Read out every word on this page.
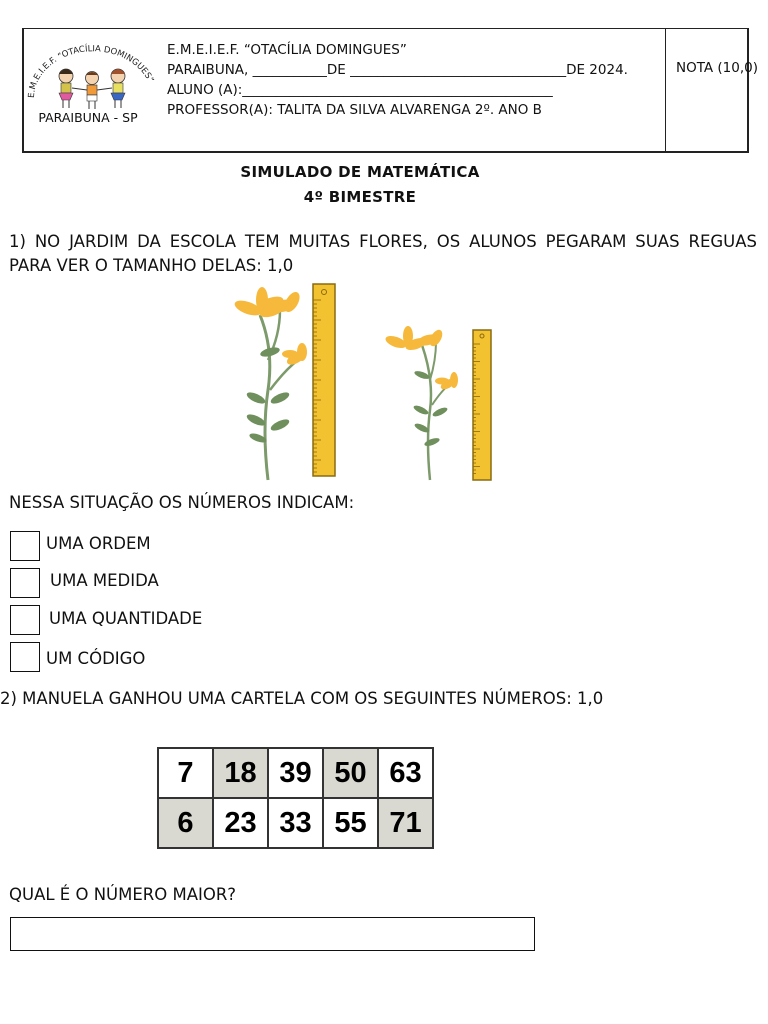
E.M.E.I.E.F. “OTACÍLIA DOMINGUES”
PARAIBUNA - SP
E.M.E.I.E.F. “OTACÍLIA DOMINGUES”
PARAIBUNA, ___________DE ________________________________DE 2024.
ALUNO (A):______________________________________________
PROFESSOR(A): TALITA DA SILVA ALVARENGA 2º. ANO B
NOTA (10,0)
SIMULADO DE MATEMÁTICA
4º BIMESTRE
1) NO JARDIM DA ESCOLA TEM MUITAS FLORES, OS ALUNOS PEGARAM SUAS REGUAS PARA VER O TAMANHO DELAS: 1,0
NESSA SITUAÇÃO OS NÚMEROS INDICAM:
UMA ORDEM
UMA MEDIDA
UMA QUANTIDADE
UM CÓDIGO
2) MANUELA GANHOU UMA CARTELA COM OS SEGUINTES NÚMEROS: 1,0
7	18 39 50 63
6	23 33 55 71
QUAL É O NÚMERO MAIOR?
